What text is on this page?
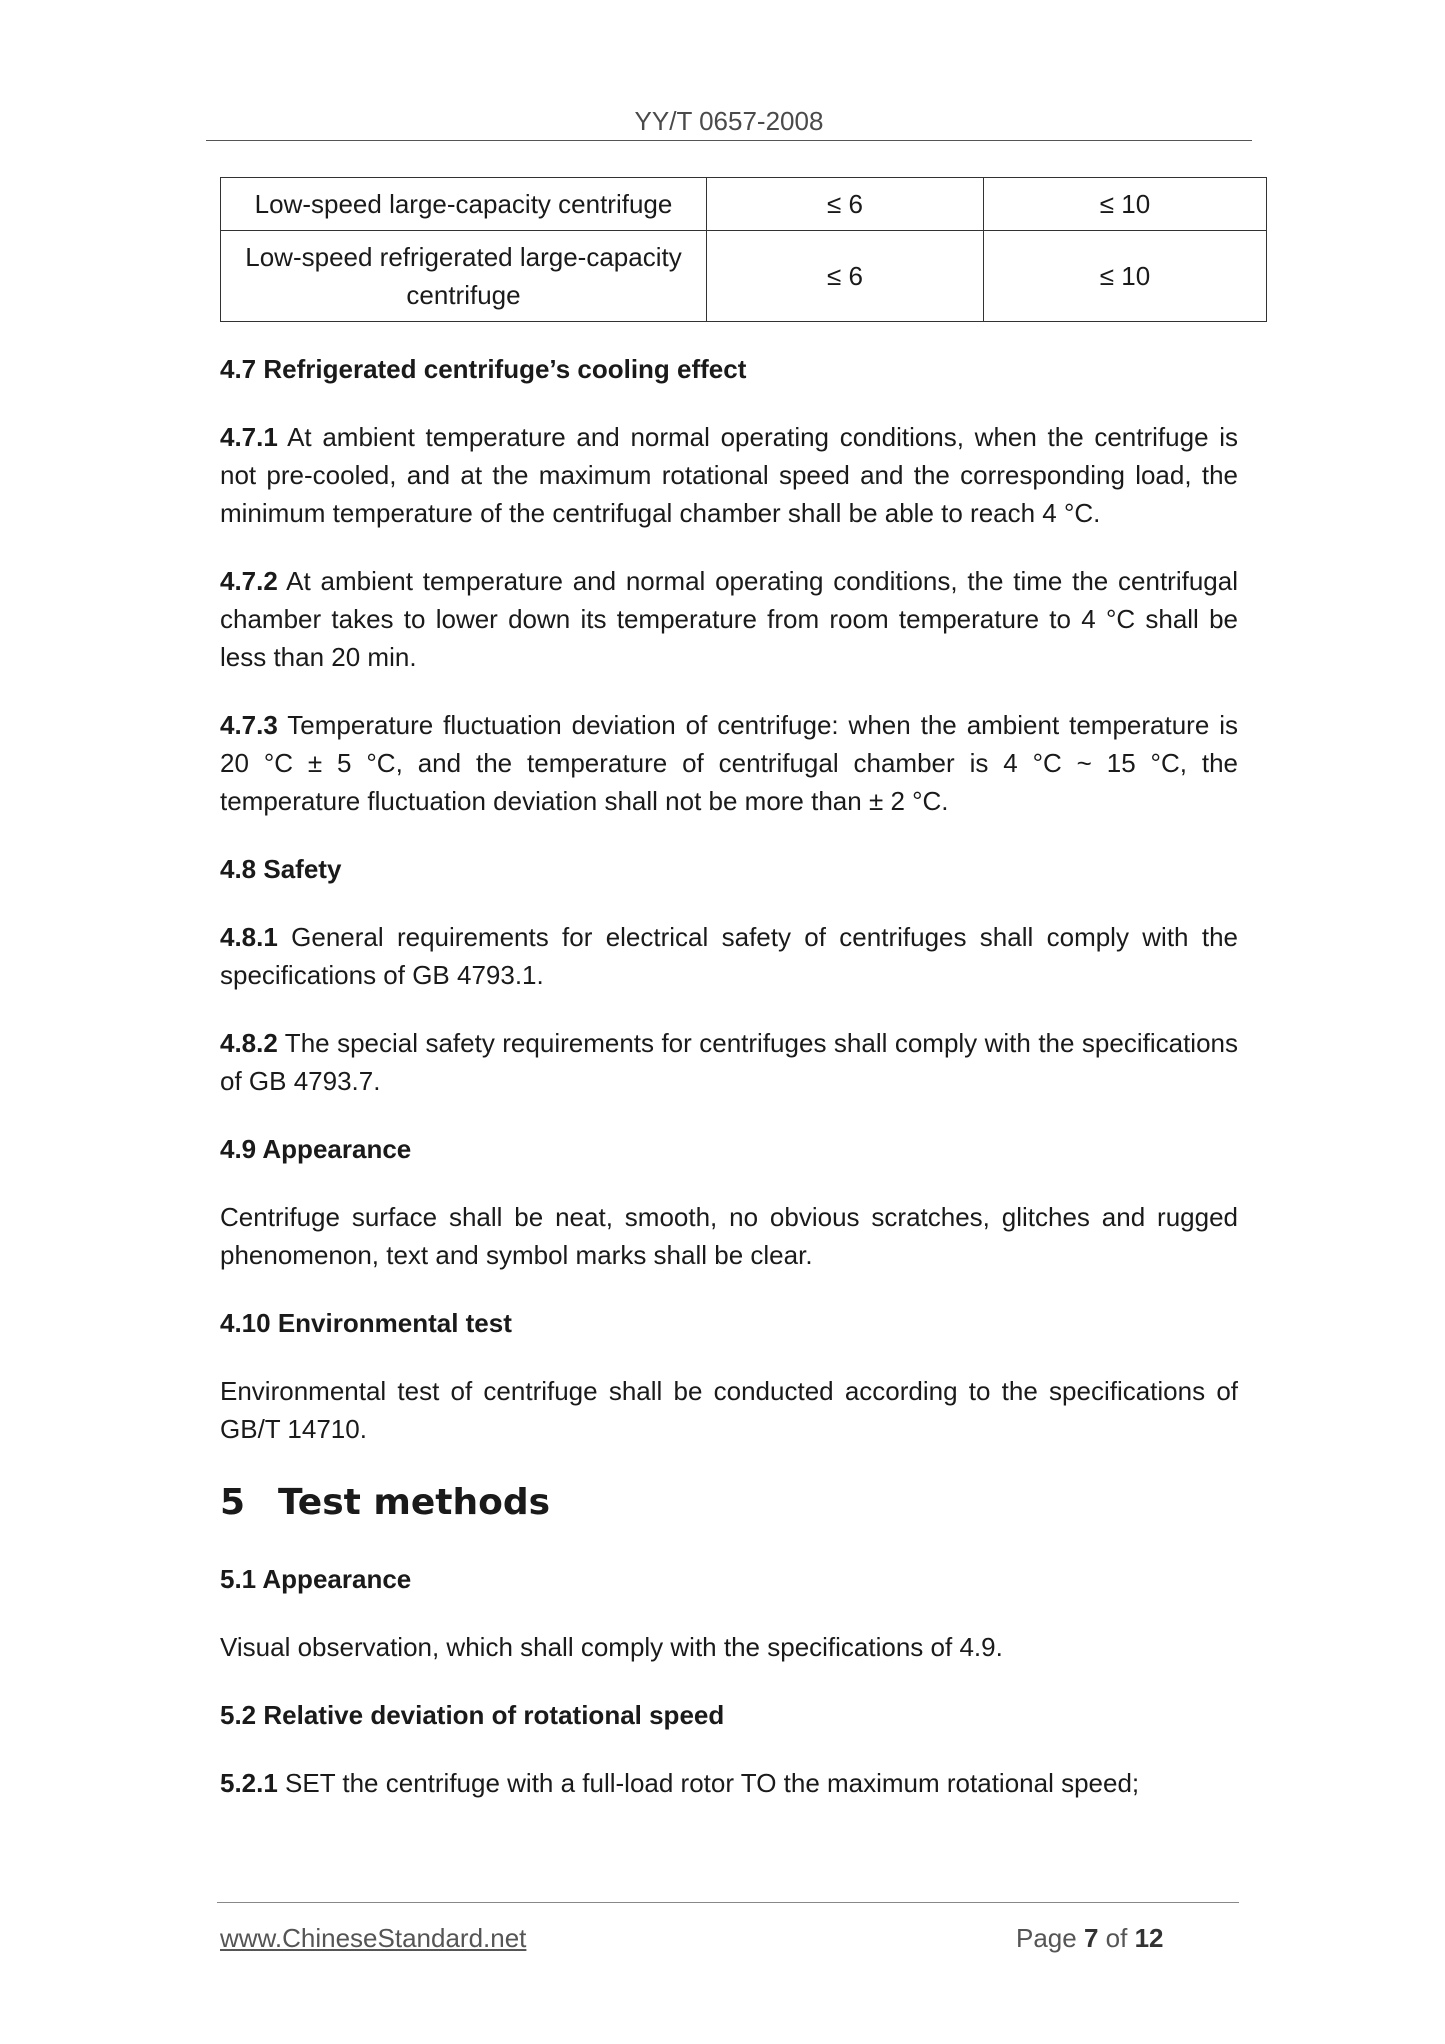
YY/T 0657-2008
Low-speed large-capacity centrifuge	≤ 6	≤ 10
Low-speed refrigerated large-capacity centrifuge	≤ 6	≤ 10

4.7 Refrigerated centrifuge’s cooling effect

4.7.1 At ambient temperature and normal operating conditions, when the centrifuge is not pre-cooled, and at the maximum rotational speed and the corresponding load, the minimum temperature of the centrifugal chamber shall be able to reach 4 °C.

4.7.2 At ambient temperature and normal operating conditions, the time the centrifugal chamber takes to lower down its temperature from room temperature to 4 °C shall be less than 20 min.

4.7.3 Temperature fluctuation deviation of centrifuge: when the ambient temperature is 20 °C ± 5 °C, and the temperature of centrifugal chamber is 4 °C ~ 15 °C, the temperature fluctuation deviation shall not be more than ± 2 °C.

4.8 Safety

4.8.1 General requirements for electrical safety of centrifuges shall comply with the specifications of GB 4793.1.

4.8.2 The special safety requirements for centrifuges shall comply with the specifications of GB 4793.7.

4.9 Appearance

Centrifuge surface shall be neat, smooth, no obvious scratches, glitches and rugged phenomenon, text and symbol marks shall be clear.

4.10 Environmental test

Environmental test of centrifuge shall be conducted according to the specifications of GB/T 14710.

5 Test methods

5.1 Appearance

Visual observation, which shall comply with the specifications of 4.9.

5.2 Relative deviation of rotational speed

5.2.1 SET the centrifuge with a full-load rotor TO the maximum rotational speed;

www.ChineseStandard.net	Page 7 of 12
